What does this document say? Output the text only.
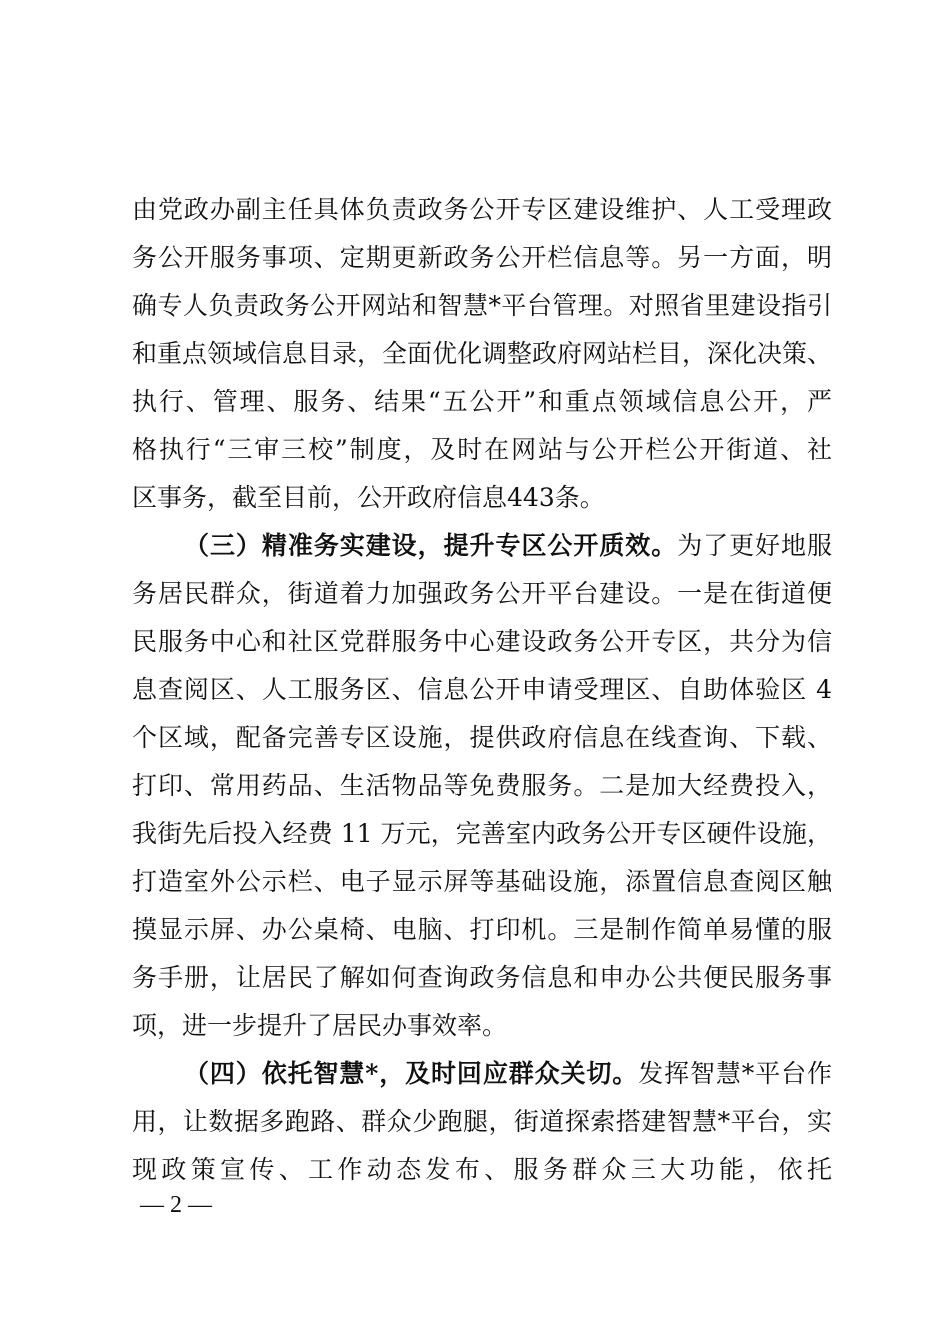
由党政办副主任具体负责政务公开专区建设维护、人工受理政
务公开服务事项、定期更新政务公开栏信息等。另一方面，明
确专人负责政务公开网站和智慧*平台管理。对照省里建设指引
和重点领域信息目录，全面优化调整政府网站栏目，深化决策、
执行、管理、服务、结果“五公开”和重点领域信息公开，严
格执行“三审三校”制度，及时在网站与公开栏公开街道、社
区事务，截至目前，公开政府信息443条。
（三）精准务实建设，提升专区公开质效。为了更好地服
务居民群众，街道着力加强政务公开平台建设。一是在街道便
民服务中心和社区党群服务中心建设政务公开专区，共分为信
息查阅区、人工服务区、信息公开申请受理区、自助体验区 4
个区域，配备完善专区设施，提供政府信息在线查询、下载、
打印、常用药品、生活物品等免费服务。二是加大经费投入，
我街先后投入经费 11 万元，完善室内政务公开专区硬件设施，
打造室外公示栏、电子显示屏等基础设施，添置信息查阅区触
摸显示屏、办公桌椅、电脑、打印机。三是制作简单易懂的服
务手册，让居民了解如何查询政务信息和申办公共便民服务事
项，进一步提升了居民办事效率。
（四）依托智慧*，及时回应群众关切。发挥智慧*平台作
用，让数据多跑路、群众少跑腿，街道探索搭建智慧*平台，实
现政策宣传、工作动态发布、服务群众三大功能，依托
— 2 —
